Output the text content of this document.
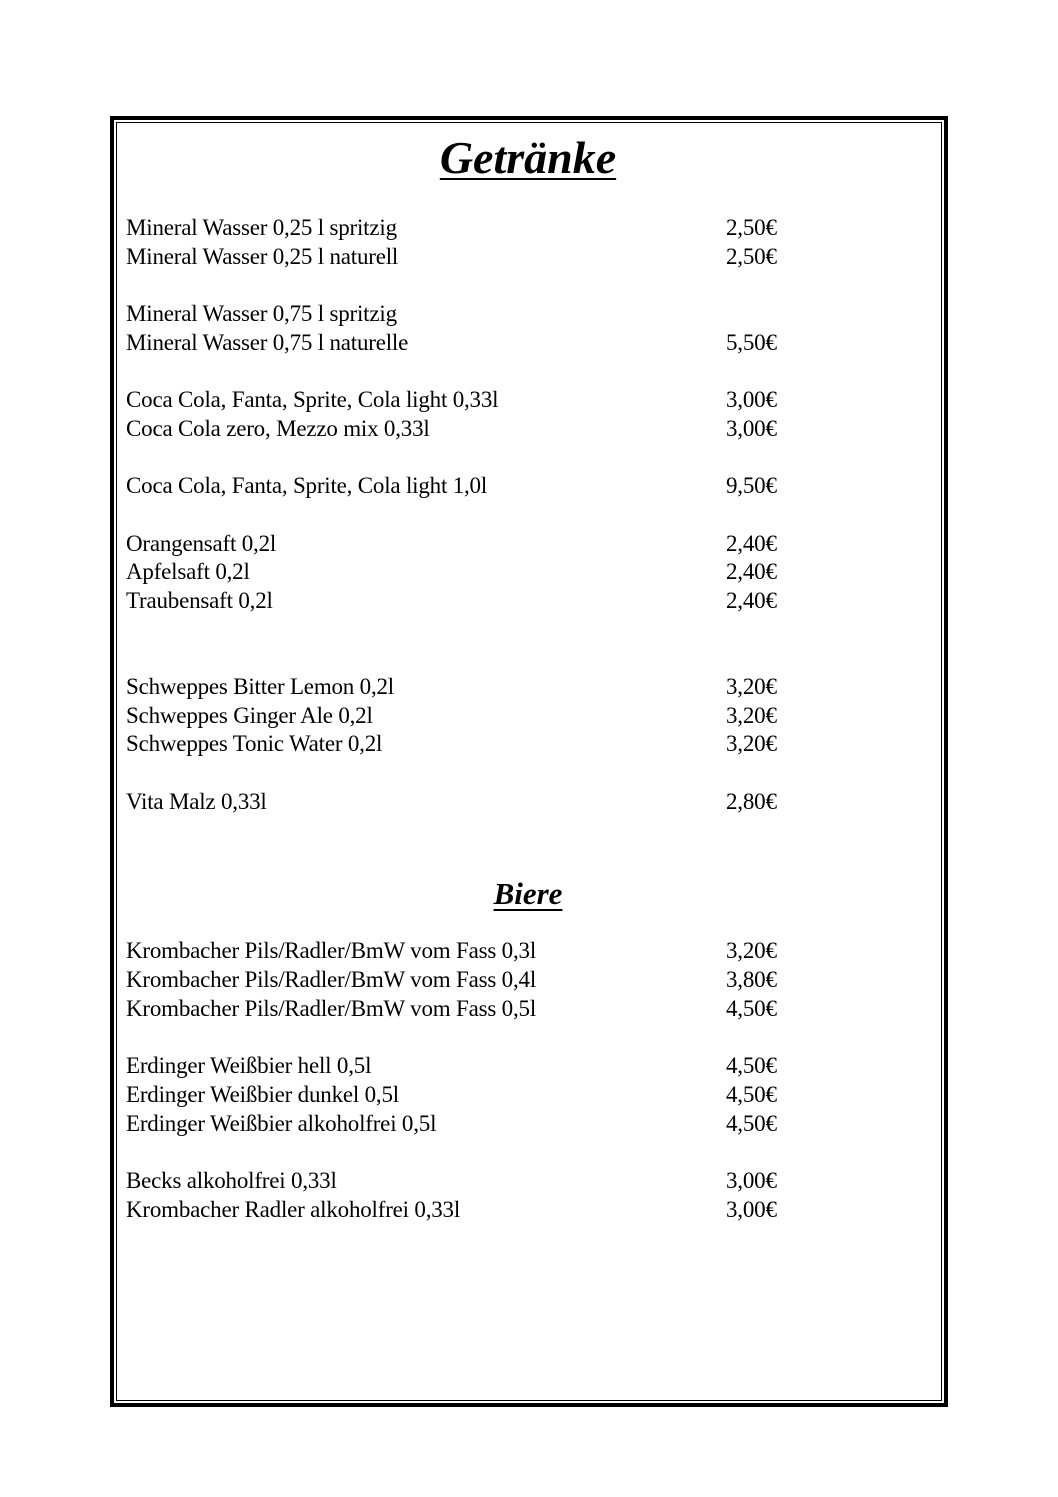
Getränke
Mineral Wasser 0,25 l spritzig	2,50€
Mineral Wasser 0,25 l naturell	2,50€
Mineral Wasser 0,75 l spritzig
Mineral Wasser 0,75 l naturelle	5,50€
Coca Cola, Fanta, Sprite, Cola light 0,33l	3,00€
Coca Cola zero, Mezzo mix 0,33l	3,00€
Coca Cola, Fanta, Sprite, Cola light 1,0l	9,50€
Orangensaft 0,2l	2,40€
Apfelsaft 0,2l	2,40€
Traubensaft 0,2l	2,40€
Schweppes Bitter Lemon 0,2l	3,20€
Schweppes Ginger Ale 0,2l	3,20€
Schweppes Tonic Water 0,2l	3,20€
Vita Malz 0,33l	2,80€
Biere
Krombacher Pils/Radler/BmW vom Fass 0,3l	3,20€
Krombacher Pils/Radler/BmW vom Fass 0,4l	3,80€
Krombacher Pils/Radler/BmW vom Fass 0,5l	4,50€
Erdinger Weißbier hell 0,5l	4,50€
Erdinger Weißbier dunkel 0,5l	4,50€
Erdinger Weißbier alkoholfrei 0,5l	4,50€
Becks alkoholfrei 0,33l	3,00€
Krombacher Radler alkoholfrei 0,33l	3,00€
